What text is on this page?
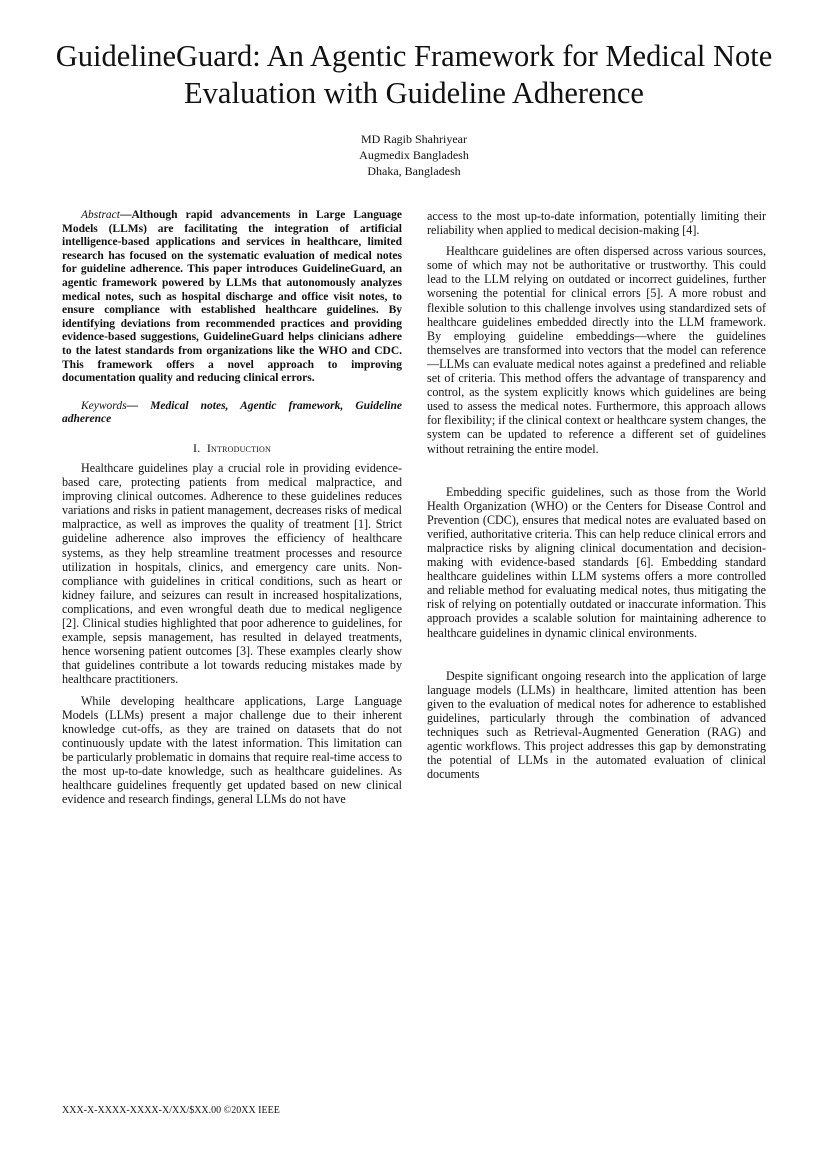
GuidelineGuard: An Agentic Framework for Medical Note Evaluation with Guideline Adherence
MD Ragib Shahriyear
Augmedix Bangladesh
Dhaka, Bangladesh

Abstract—Although rapid advancements in Large Language Models (LLMs) are facilitating the integration of artificial intelligence-based applications and services in healthcare, limited research has focused on the systematic evaluation of medical notes for guideline adherence. This paper introduces GuidelineGuard, an agentic framework powered by LLMs that autonomously analyzes medical notes, such as hospital discharge and office visit notes, to ensure compliance with established healthcare guidelines. By identifying deviations from recommended practices and providing evidence-based suggestions, GuidelineGuard helps clinicians adhere to the latest standards from organizations like the WHO and CDC. This framework offers a novel approach to improving documentation quality and reducing clinical errors.

Keywords— Medical notes, Agentic framework, Guideline adherence

I. Introduction

Healthcare guidelines play a crucial role in providing evidence-based care, protecting patients from medical malpractice, and improving clinical outcomes. Adherence to these guidelines reduces variations and risks in patient management, decreases risks of medical malpractice, as well as improves the quality of treatment [1]. Strict guideline adherence also improves the efficiency of healthcare systems, as they help streamline treatment processes and resource utilization in hospitals, clinics, and emergency care units. Non-compliance with guidelines in critical conditions, such as heart or kidney failure, and seizures can result in increased hospitalizations, complications, and even wrongful death due to medical negligence [2]. Clinical studies highlighted that poor adherence to guidelines, for example, sepsis management, has resulted in delayed treatments, hence worsening patient outcomes [3]. These examples clearly show that guidelines contribute a lot towards reducing mistakes made by healthcare practitioners.

While developing healthcare applications, Large Language Models (LLMs) present a major challenge due to their inherent knowledge cut-offs, as they are trained on datasets that do not continuously update with the latest information. This limitation can be particularly problematic in domains that require real-time access to the most up-to-date knowledge, such as healthcare guidelines. As healthcare guidelines frequently get updated based on new clinical evidence and research findings, general LLMs do not have

access to the most up-to-date information, potentially limiting their reliability when applied to medical decision-making [4].

Healthcare guidelines are often dispersed across various sources, some of which may not be authoritative or trustworthy. This could lead to the LLM relying on outdated or incorrect guidelines, further worsening the potential for clinical errors [5]. A more robust and flexible solution to this challenge involves using standardized sets of healthcare guidelines embedded directly into the LLM framework. By employing guideline embeddings—where the guidelines themselves are transformed into vectors that the model can reference—LLMs can evaluate medical notes against a predefined and reliable set of criteria. This method offers the advantage of transparency and control, as the system explicitly knows which guidelines are being used to assess the medical notes. Furthermore, this approach allows for flexibility; if the clinical context or healthcare system changes, the system can be updated to reference a different set of guidelines without retraining the entire model.

Embedding specific guidelines, such as those from the World Health Organization (WHO) or the Centers for Disease Control and Prevention (CDC), ensures that medical notes are evaluated based on verified, authoritative criteria. This can help reduce clinical errors and malpractice risks by aligning clinical documentation and decision-making with evidence-based standards [6]. Embedding standard healthcare guidelines within LLM systems offers a more controlled and reliable method for evaluating medical notes, thus mitigating the risk of relying on potentially outdated or inaccurate information. This approach provides a scalable solution for maintaining adherence to healthcare guidelines in dynamic clinical environments.

Despite significant ongoing research into the application of large language models (LLMs) in healthcare, limited attention has been given to the evaluation of medical notes for adherence to established guidelines, particularly through the combination of advanced techniques such as Retrieval-Augmented Generation (RAG) and agentic workflows. This project addresses this gap by demonstrating the potential of LLMs in the automated evaluation of clinical documents

XXX-X-XXXX-XXXX-X/XX/$XX.00 ©20XX IEEE
